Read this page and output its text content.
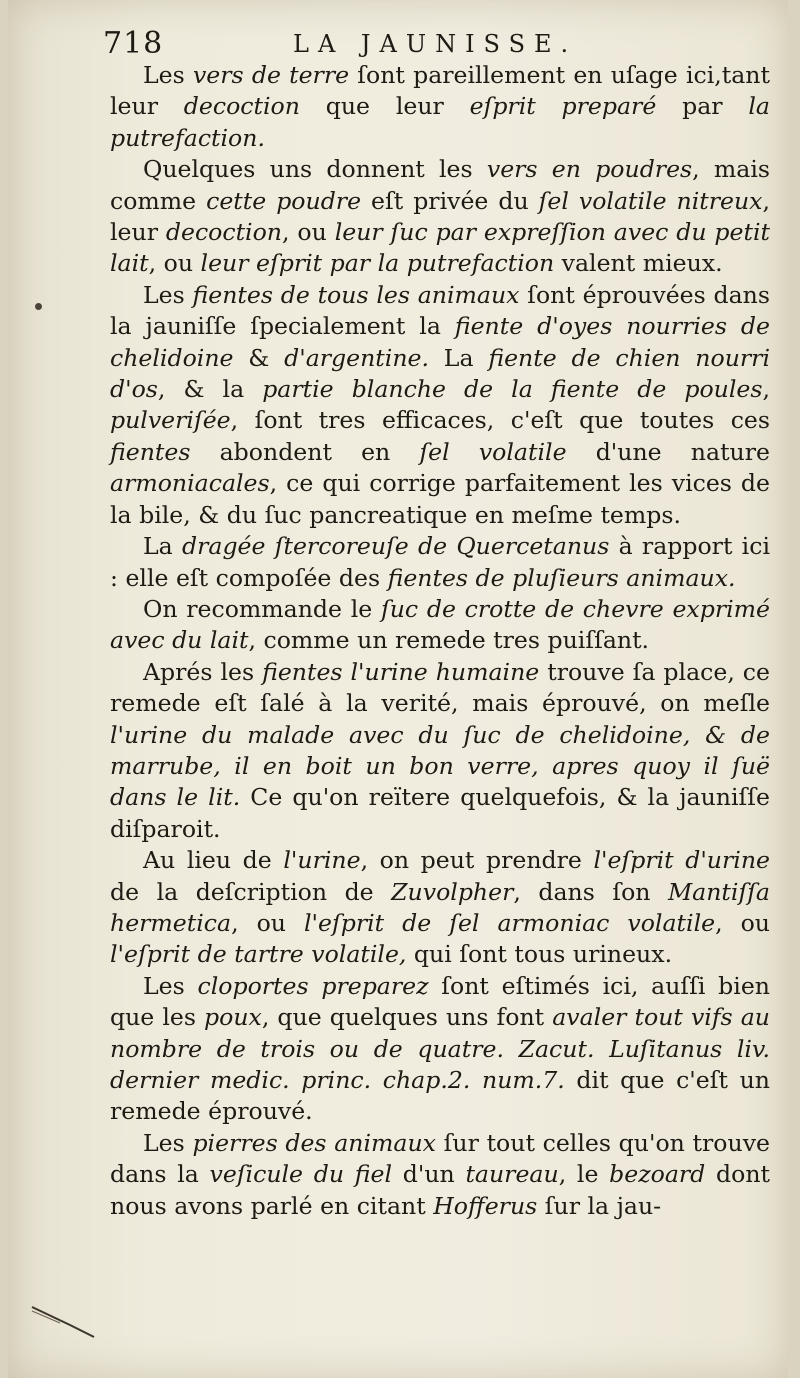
718	LA JAUNISSE.

Les vers de terre ſont pareillement en uſage ici,tant leur decoction que leur eſprit preparé par la putrefaction.

Quelques uns donnent les vers en poudres, mais comme cette poudre eſt privée du ſel volatile nitreux, leur decoction, ou leur ſuc par expreſſion avec du petit lait, ou leur eſprit par la putrefaction valent mieux.

Les fientes de tous les animaux ſont éprouvées dans la jauniſſe ſpecialement la fiente d'oyes nourries de chelidoine & d'argentine. La fiente de chien nourri d'os, & la partie blanche de la fiente de poules, pulveriſée, ſont tres efficaces, c'eſt que toutes ces fientes abondent en ſel volatile d'une nature armoniacales, ce qui corrige parfaitement les vices de la bile, & du ſuc pancreatique en meſme temps.

La dragée ſtercoreuſe de Quercetanus à rapport ici : elle eſt compoſée des fientes de pluſieurs animaux.

On recommande le ſuc de crotte de chevre exprimé avec du lait, comme un remede tres puiſſant.

Aprés les fientes l'urine humaine trouve ſa place, ce remede eſt ſalé à la verité, mais éprouvé, on meſle l'urine du malade avec du ſuc de chelidoine, & de marrube, il en boit un bon verre, apres quoy il ſuë dans le lit. Ce qu'on reïtere quelquefois, & la jauniſſe diſparoit.

Au lieu de l'urine, on peut prendre l'eſprit d'urine de la deſcription de Zuvolpher, dans ſon Mantiſſa hermetica, ou l'eſprit de ſel armoniac volatile, ou l'eſprit de tartre volatile, qui ſont tous urineux.

Les cloportes preparez ſont eſtimés ici, auſſi bien que les poux, que quelques uns font avaler tout vifs au nombre de trois ou de quatre. Zacut. Luſitanus liv. dernier medic. princ. chap.2. num.7. dit que c'eſt un remede éprouvé.

Les pierres des animaux ſur tout celles qu'on trouve dans la veſicule du fiel d'un taureau, le bezoard dont nous avons parlé en citant Hofferus ſur la jau-
